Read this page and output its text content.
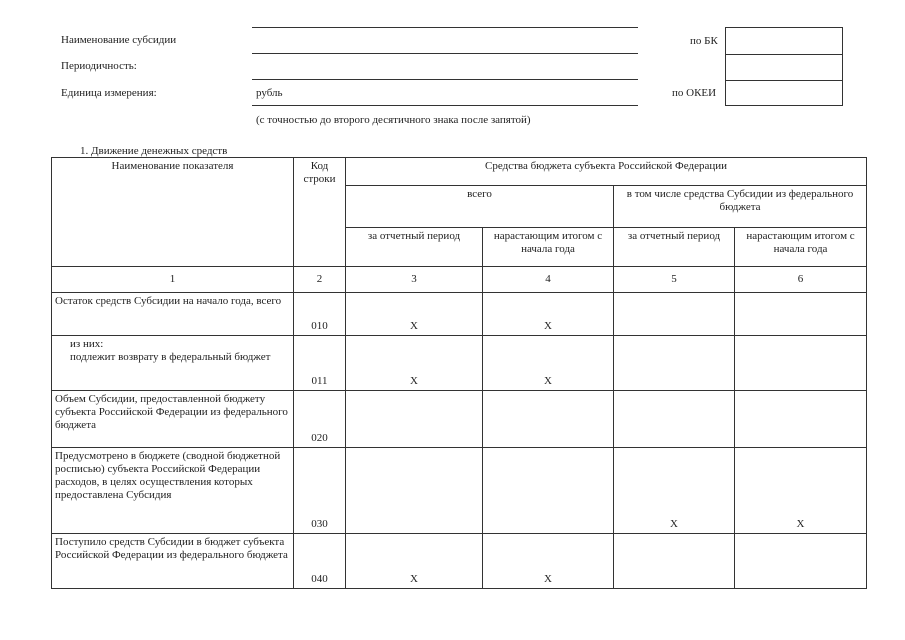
Наименование субсидии
Периодичность:
Единица измерения:	рубль
(с точностью до второго десятичного знака после запятой)
по БК
по ОКЕИ
1. Движение денежных средств
Наименование показателя	Код строки	Средства бюджета субъекта Российской Федерации			
		всего		в том числе средства Субсидии из федерального бюджета	
		за отчетный период	нарастающим итогом с начала года	за отчетный период	нарастающим итогом с начала года
1	2	3	4	5	6
Остаток средств Субсидии на начало года, всего	010	X	X		
из них:
подлежит возврату в федеральный бюджет	011	X	X		
Объем Субсидии, предоставленной бюджету субъекта Российской Федерации из федерального бюджета	020				
Предусмотрено в бюджете (сводной бюджетной росписью) субъекта Российской Федерации расходов, в целях осуществления которых предоставлена Субсидия	030			X	X
Поступило средств Субсидии в бюджет субъекта Российской Федерации из федерального бюджета	040	X	X		
